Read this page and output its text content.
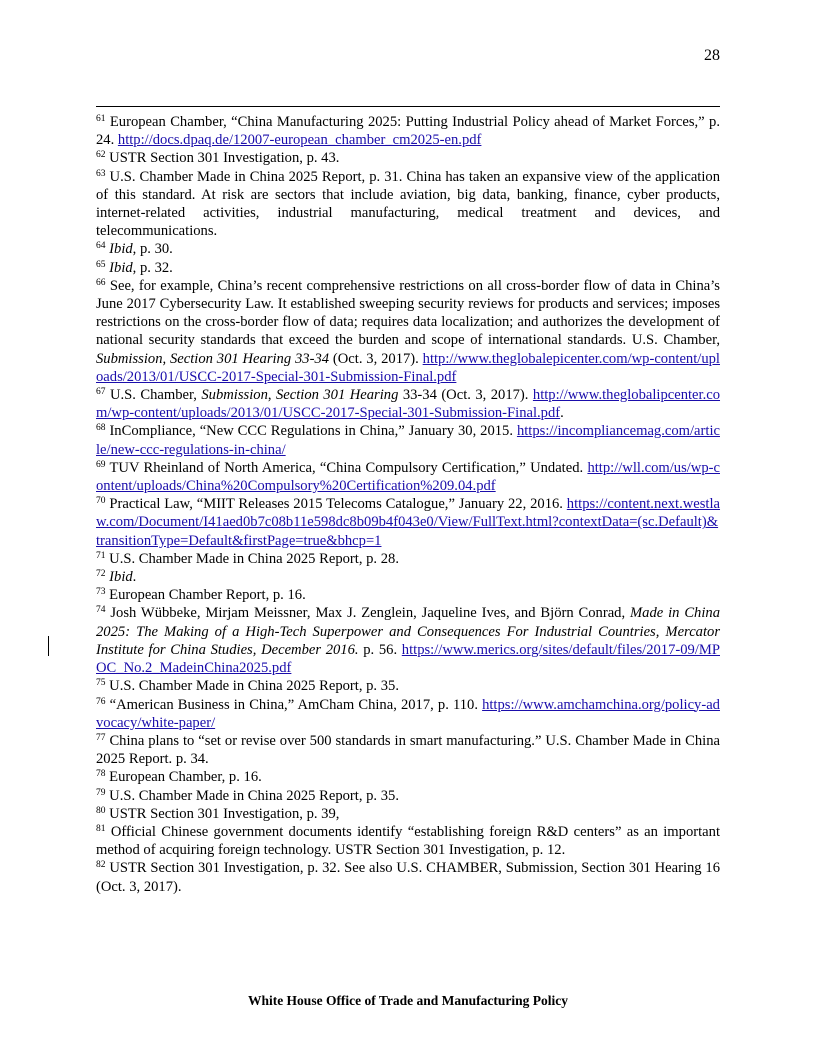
28

$^{61}$ European Chamber, “China Manufacturing 2025: Putting Industrial Policy ahead of Market Forces,” p. 24. http://docs.dpaq.de/12007-european_chamber_cm2025-en.pdf

$^{62}$ USTR Section 301 Investigation, p. 43.

$^{63}$ U.S. Chamber Made in China 2025 Report, p. 31. China has taken an expansive view of the application of this standard. At risk are sectors that include aviation, big data, banking, finance, cyber products, internet-related activities, industrial manufacturing, medical treatment and devices, and telecommunications.

$^{64}$ Ibid, p. 30.

$^{65}$ Ibid, p. 32.

$^{66}$ See, for example, China’s recent comprehensive restrictions on all cross-border flow of data in China’s June 2017 Cybersecurity Law. It established sweeping security reviews for products and services; imposes restrictions on the cross-border flow of data; requires data localization; and authorizes the development of national security standards that exceed the burden and scope of international standards. U.S. Chamber, Submission, Section 301 Hearing 33-34 (Oct. 3, 2017). http://www.theglobalepicenter.com/wp-content/uploads/2013/01/USCC-2017-Special-301-Submission-Final.pdf

$^{67}$ U.S. Chamber, Submission, Section 301 Hearing 33-34 (Oct. 3, 2017). http://www.theglobalipcenter.com/wp-content/uploads/2013/01/USCC-2017-Special-301-Submission-Final.pdf.

$^{68}$ InCompliance, “New CCC Regulations in China,” January 30, 2015. https://incompliancemag.com/article/new-ccc-regulations-in-china/

$^{69}$ TUV Rheinland of North America, “China Compulsory Certification,” Undated. http://wll.com/us/wp-content/uploads/China%20Compulsory%20Certification%209.04.pdf

$^{70}$ Practical Law, “MIIT Releases 2015 Telecoms Catalogue,” January 22, 2016. https://content.next.westlaw.com/Document/I41aed0b7c08b11e598dc8b09b4f043e0/View/FullText.html?contextData=(sc.Default)&transitionType=Default&firstPage=true&bhcp=1

$^{71}$ U.S. Chamber Made in China 2025 Report, p. 28.

$^{72}$ Ibid.

$^{73}$ European Chamber Report, p. 16.

$^{74}$ Josh Wübbeke, Mirjam Meissner, Max J. Zenglein, Jaqueline Ives, and Björn Conrad, Made in China 2025: The Making of a High-Tech Superpower and Consequences For Industrial Countries, Mercator Institute for China Studies, December 2016. p. 56. https://www.merics.org/sites/default/files/2017-09/MPOC_No.2_MadeinChina2025.pdf

$^{75}$ U.S. Chamber Made in China 2025 Report, p. 35.

$^{76}$ “American Business in China,” AmCham China, 2017, p. 110. https://www.amchamchina.org/policy-advocacy/white-paper/

$^{77}$ China plans to “set or revise over 500 standards in smart manufacturing.” U.S. Chamber Made in China 2025 Report. p. 34.

$^{78}$ European Chamber, p. 16.

$^{79}$ U.S. Chamber Made in China 2025 Report, p. 35.

$^{80}$ USTR Section 301 Investigation, p. 39,

$^{81}$ Official Chinese government documents identify “establishing foreign R&D centers” as an important method of acquiring foreign technology. USTR Section 301 Investigation, p. 12.

$^{82}$ USTR Section 301 Investigation, p. 32. See also U.S. CHAMBER, Submission, Section 301 Hearing 16 (Oct. 3, 2017).

White House Office of Trade and Manufacturing Policy
